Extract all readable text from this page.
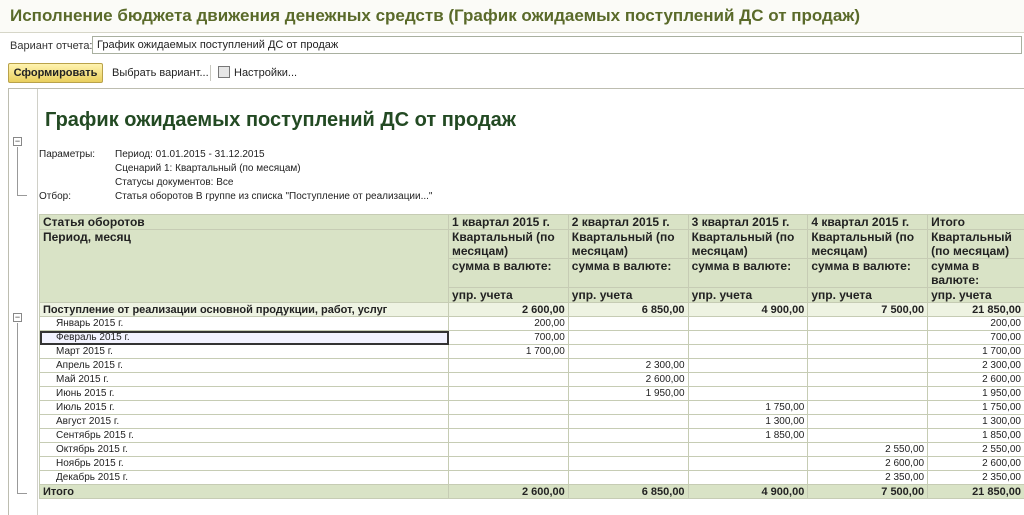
Исполнение бюджета движения денежных средств (График ожидаемых поступлений ДС от продаж)
Вариант отчета: График ожидаемых поступлений ДС от продаж
Сформировать	Выбрать вариант... Настройки...
−
−
График ожидаемых поступлений ДС от продаж
Параметры: Период: 01.01.2015 - 31.12.2015
Сценарий 1: Квартальный (по месяцам)
Статусы документов: Все
Отбор:	Статья оборотов В группе из списка "Поступление от реализации..."
Статья оборотов	1 квартал 2015 г.	2 квартал 2015 г.	3 квартал 2015 г.	4 квартал 2015 г.	Итого
Период, месяц	Квартальный (по месяцам)	Квартальный (по месяцам)	Квартальный (по месяцам)	Квартальный (по месяцам)	Квартальный (по месяцам)
	сумма в валюте:	сумма в валюте:	сумма в валюте:	сумма в валюте:	сумма в валюте:
	упр. учета	упр. учета	упр. учета	упр. учета	упр. учета
Поступление от реализации основной продукции, работ, услуг	2 600,00	6 850,00	4 900,00	7 500,00	21 850,00
Январь 2015 г.	200,00				200,00
Февраль 2015 г.	700,00				700,00
Март 2015 г.	1 700,00				1 700,00
Апрель 2015 г.		2 300,00			2 300,00
Май 2015 г.		2 600,00			2 600,00
Июнь 2015 г.		1 950,00			1 950,00
Июль 2015 г.			1 750,00		1 750,00
Август 2015 г.			1 300,00		1 300,00
Сентябрь 2015 г.			1 850,00		1 850,00
Октябрь 2015 г.				2 550,00	2 550,00
Ноябрь 2015 г.				2 600,00	2 600,00
Декабрь 2015 г.				2 350,00	2 350,00
Итого	2 600,00	6 850,00	4 900,00	7 500,00	21 850,00
